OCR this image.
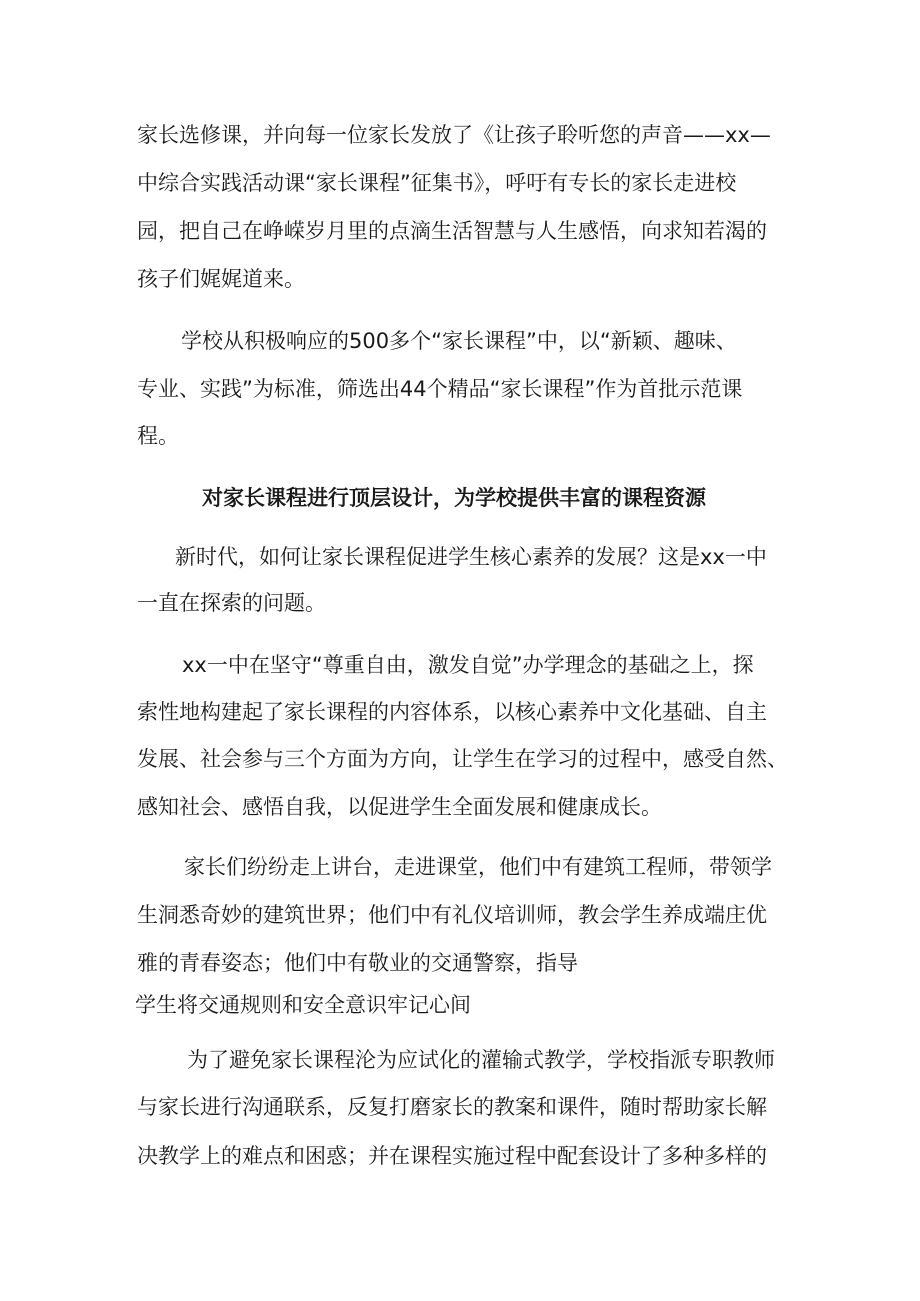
家长选修课，并向每一位家长发放了《让孩子聆听您的声音——xx—
中综合实践活动课“家长课程”征集书》，呼吁有专长的家长走进校
园，把自己在峥嵘岁月里的点滴生活智慧与人生感悟，向求知若渴的
孩子们娓娓道来。
学校从积极响应的500多个“家长课程”中，以“新颖、趣味、
专业、实践”为标准，筛选出44个精品“家长课程”作为首批示范课
程。
对家长课程进行顶层设计，为学校提供丰富的课程资源
新时代，如何让家长课程促进学生核心素养的发展？这是xx一中
一直在探索的问题。
xx一中在坚守“尊重自由，激发自觉”办学理念的基础之上，探
索性地构建起了家长课程的内容体系，以核心素养中文化基础、自主
发展、社会参与三个方面为方向，让学生在学习的过程中，感受自然、
感知社会、感悟自我，以促进学生全面发展和健康成长。
家长们纷纷走上讲台，走进课堂，他们中有建筑工程师，带领学
生洞悉奇妙的建筑世界；他们中有礼仪培训师，教会学生养成端庄优
雅的青春姿态；他们中有敬业的交通警察，指导
学生将交通规则和安全意识牢记心间
为了避免家长课程沦为应试化的灌输式教学，学校指派专职教师
与家长进行沟通联系，反复打磨家长的教案和课件，随时帮助家长解
决教学上的难点和困惑；并在课程实施过程中配套设计了多种多样的
